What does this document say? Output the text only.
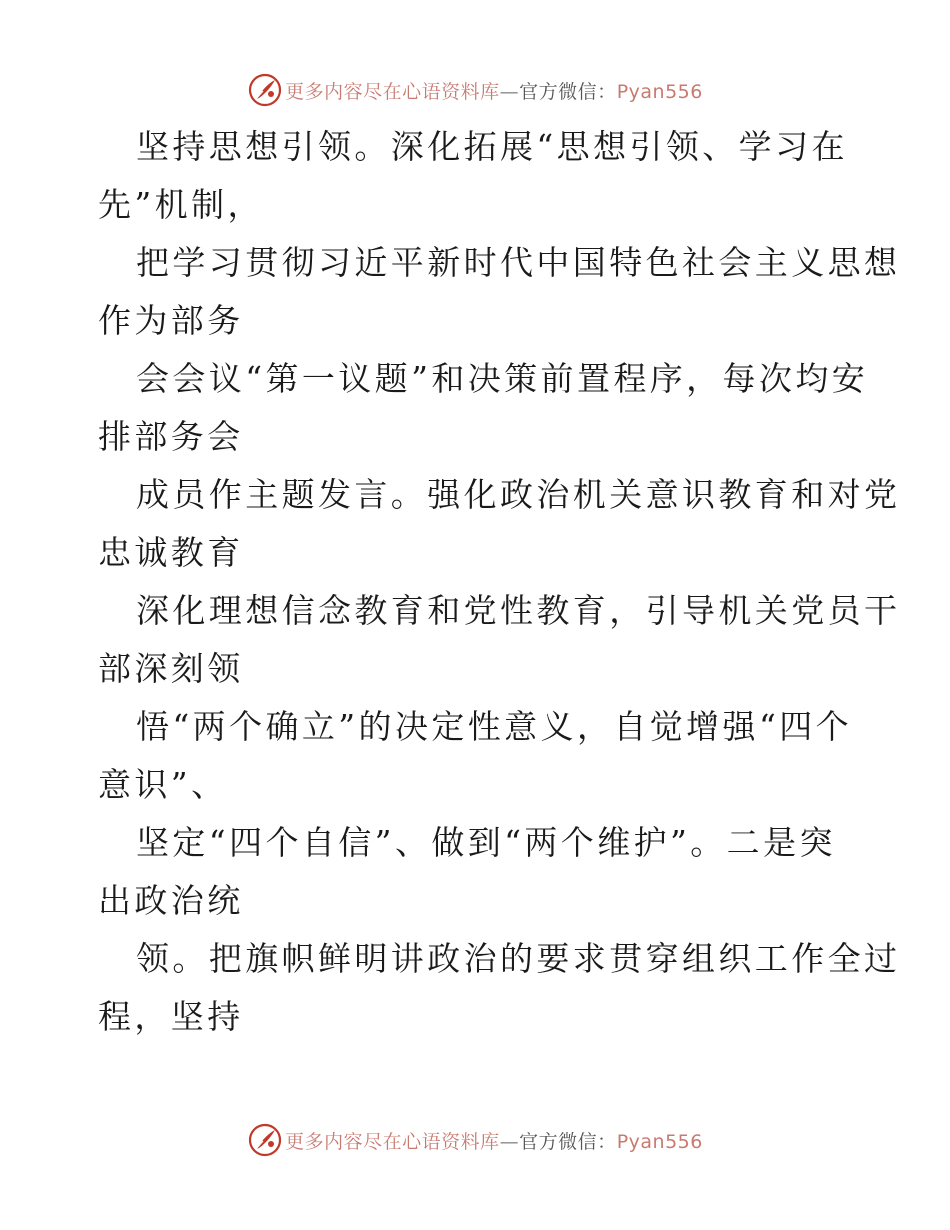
更多内容尽在心语资料库—官方微信：Pyan556
坚持思想引领。深化拓展“思想引领、学习在
先”机制，
把学习贯彻习近平新时代中国特色社会主义思想
作为部务
会会议“第一议题”和决策前置程序，每次均安
排部务会
成员作主题发言。强化政治机关意识教育和对党
忠诚教育
深化理想信念教育和党性教育，引导机关党员干
部深刻领
悟“两个确立”的决定性意义，自觉增强“四个
意识”、
坚定“四个自信”、做到“两个维护”。二是突
出政治统
领。把旗帜鲜明讲政治的要求贯穿组织工作全过
程，坚持
更多内容尽在心语资料库—官方微信：Pyan556
